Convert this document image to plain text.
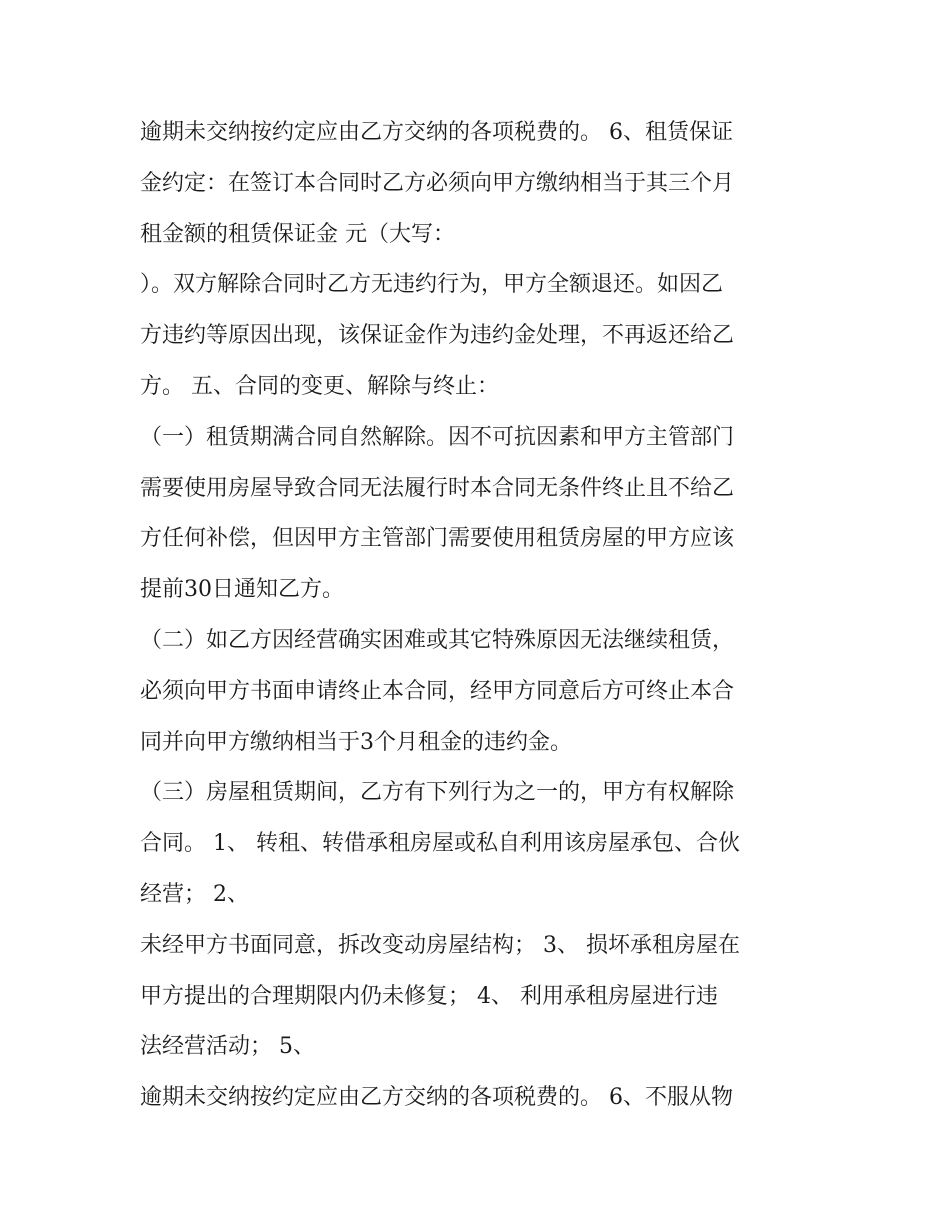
逾期未交纳按约定应由乙方交纳的各项税费的。 6、租赁保证
金约定：在签订本合同时乙方必须向甲方缴纳相当于其三个月
租金额的租赁保证金 元（大写：
）。双方解除合同时乙方无违约行为，甲方全额退还。如因乙
方违约等原因出现，该保证金作为违约金处理，不再返还给乙
方。 五、合同的变更、解除与终止：
（一）租赁期满合同自然解除。因不可抗因素和甲方主管部门
需要使用房屋导致合同无法履行时本合同无条件终止且不给乙
方任何补偿，但因甲方主管部门需要使用租赁房屋的甲方应该
提前30日通知乙方。
（二）如乙方因经营确实困难或其它特殊原因无法继续租赁，
必须向甲方书面申请终止本合同，经甲方同意后方可终止本合
同并向甲方缴纳相当于3个月租金的违约金。
（三）房屋租赁期间，乙方有下列行为之一的，甲方有权解除
合同。 1、 转租、转借承租房屋或私自利用该房屋承包、合伙
经营； 2、
未经甲方书面同意，拆改变动房屋结构； 3、 损坏承租房屋在
甲方提出的合理期限内仍未修复； 4、 利用承租房屋进行违
法经营活动； 5、
逾期未交纳按约定应由乙方交纳的各项税费的。 6、不服从物
